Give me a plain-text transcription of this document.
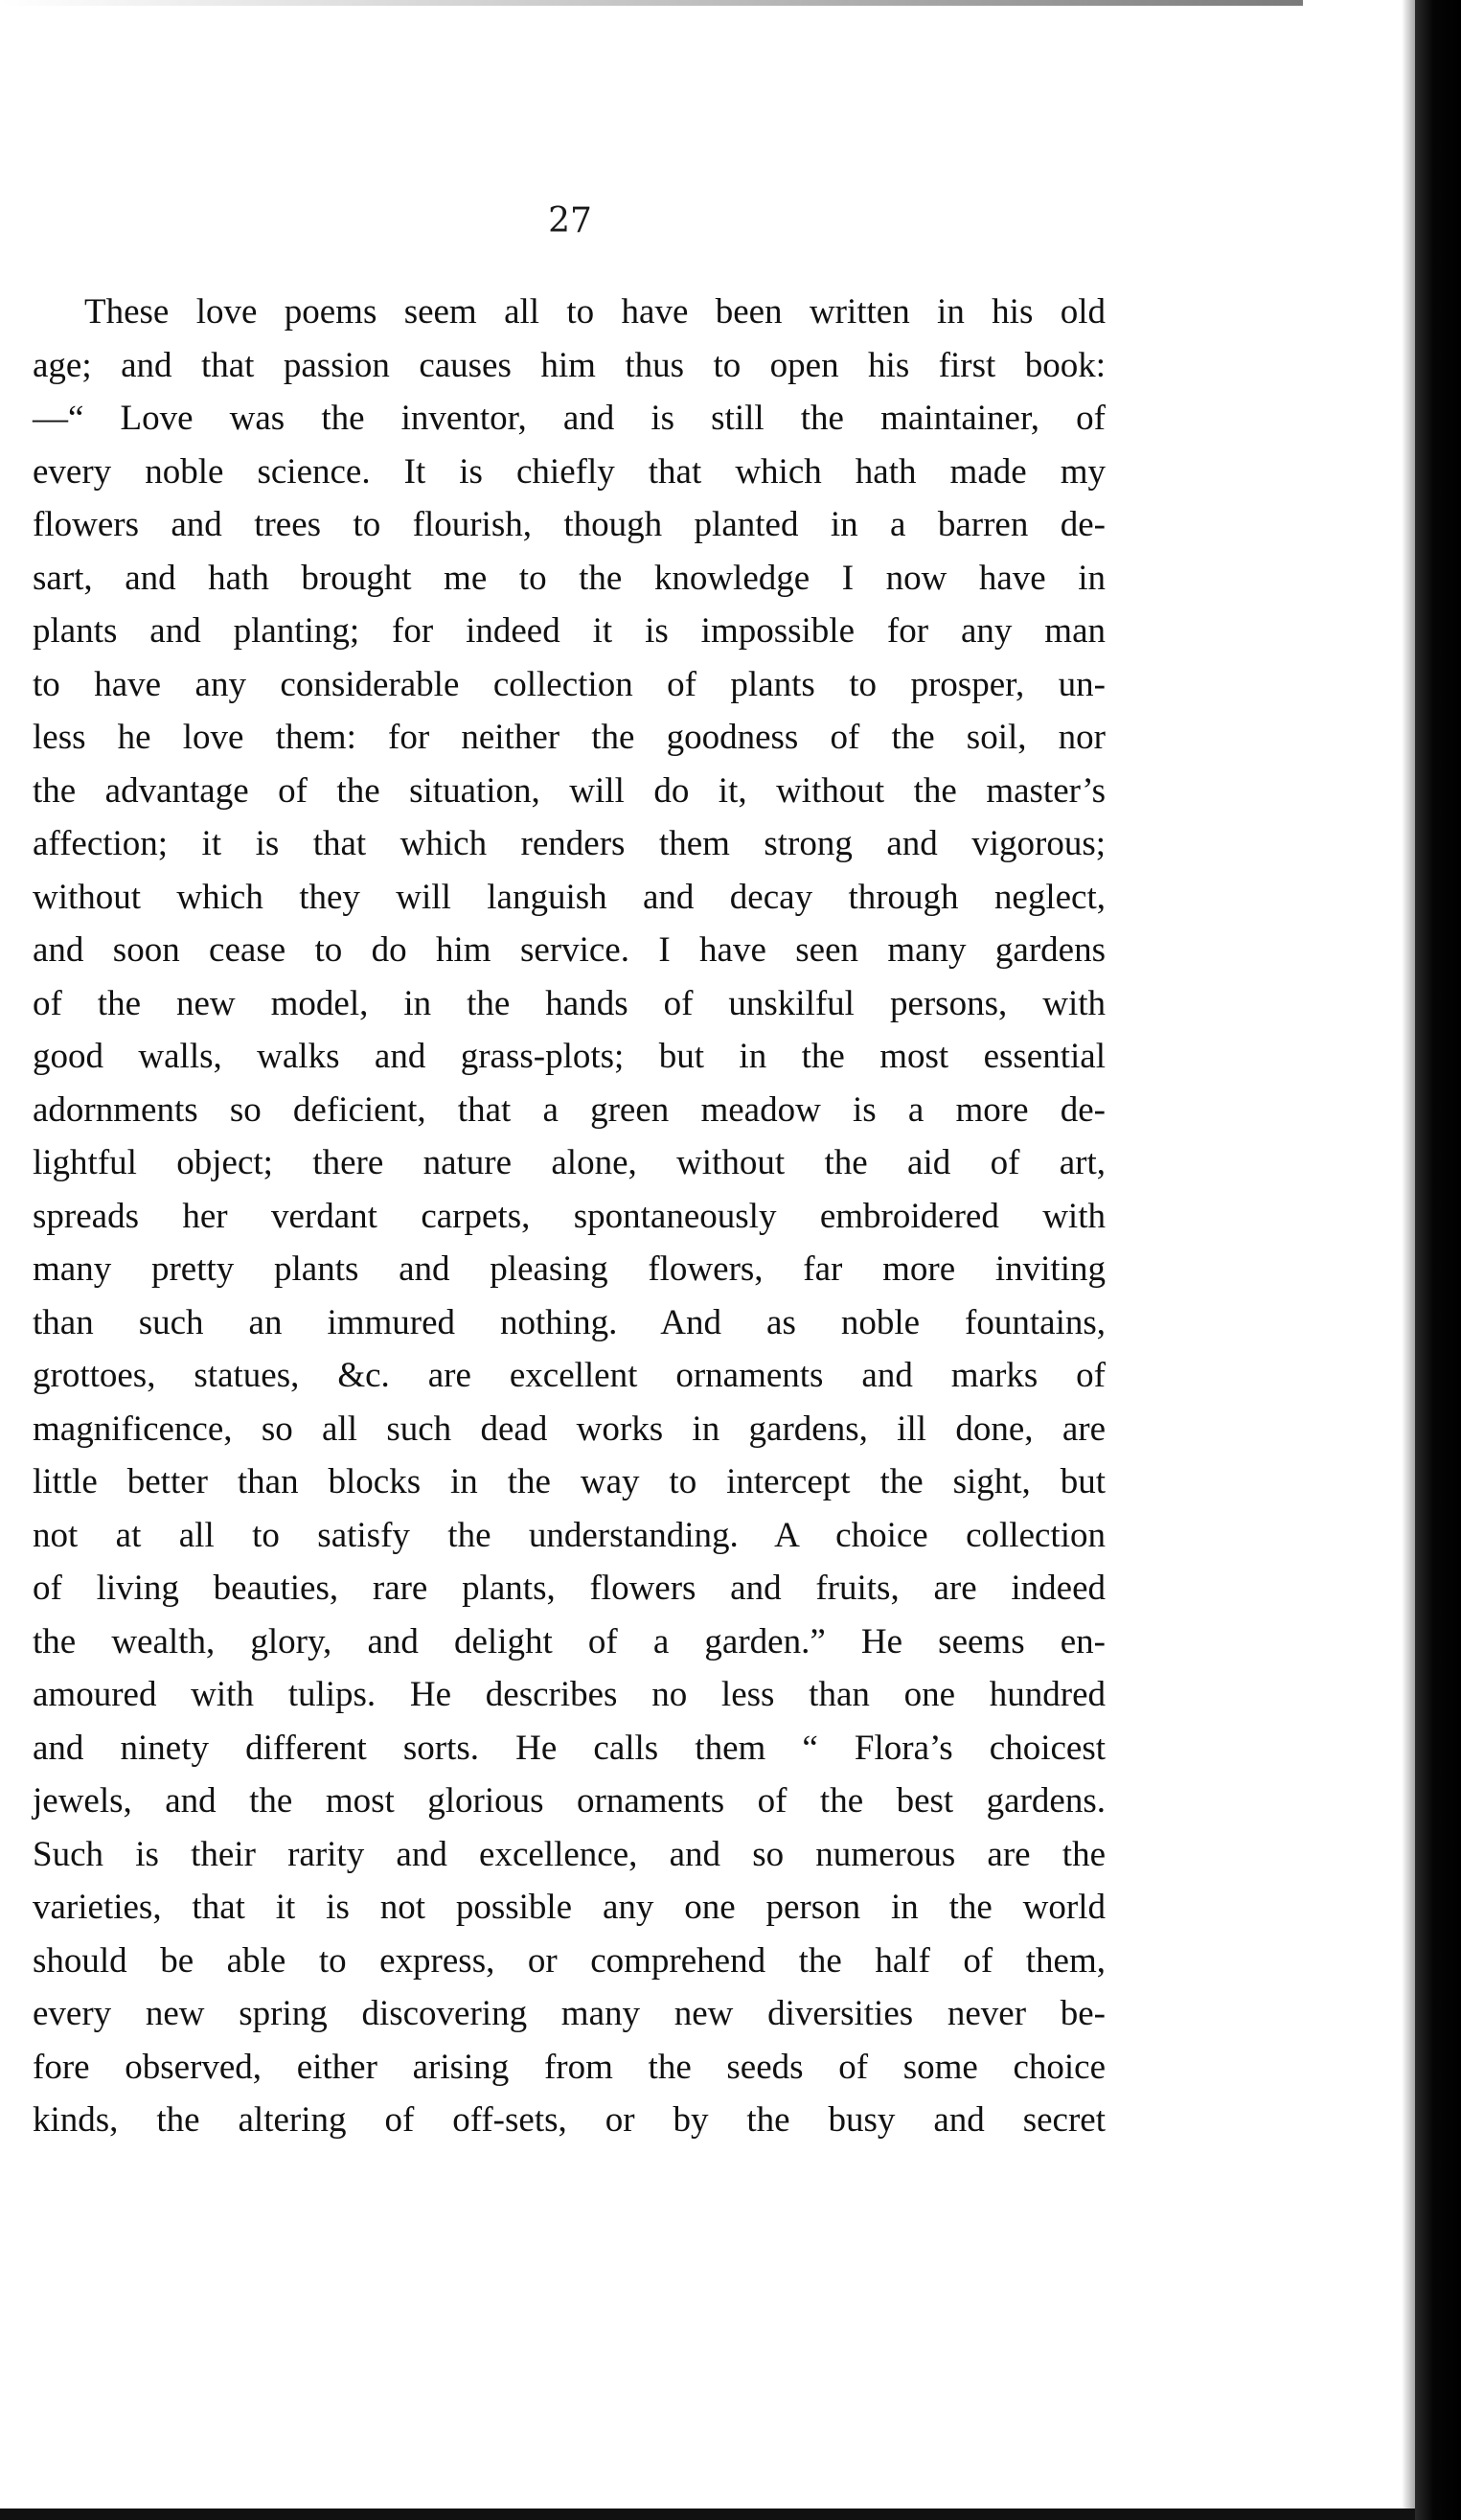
27
These love poems seem all to have been written in his old
age; and that passion causes him thus to open his first book:
—“ Love was the inventor, and is still the maintainer, of
every noble science. It is chiefly that which hath made my
flowers and trees to flourish, though planted in a barren de-
sart, and hath brought me to the knowledge I now have in
plants and planting; for indeed it is impossible for any man
to have any considerable collection of plants to prosper, un-
less he love them: for neither the goodness of the soil, nor
the advantage of the situation, will do it, without the master’s
affection; it is that which renders them strong and vigorous;
without which they will languish and decay through neglect,
and soon cease to do him service. I have seen many gardens
of the new model, in the hands of unskilful persons, with
good walls, walks and grass-plots; but in the most essential
adornments so deficient, that a green meadow is a more de-
lightful object; there nature alone, without the aid of art,
spreads her verdant carpets, spontaneously embroidered with
many pretty plants and pleasing flowers, far more inviting
than such an immured nothing. And as noble fountains,
grottoes, statues, &c. are excellent ornaments and marks of
magnificence, so all such dead works in gardens, ill done, are
little better than blocks in the way to intercept the sight, but
not at all to satisfy the understanding. A choice collection
of living beauties, rare plants, flowers and fruits, are indeed
the wealth, glory, and delight of a garden.” He seems en-
amoured with tulips. He describes no less than one hundred
and ninety different sorts. He calls them “ Flora’s choicest
jewels, and the most glorious ornaments of the best gardens.
Such is their rarity and excellence, and so numerous are the
varieties, that it is not possible any one person in the world
should be able to express, or comprehend the half of them,
every new spring discovering many new diversities never be-
fore observed, either arising from the seeds of some choice
kinds, the altering of off-sets, or by the busy and secret
